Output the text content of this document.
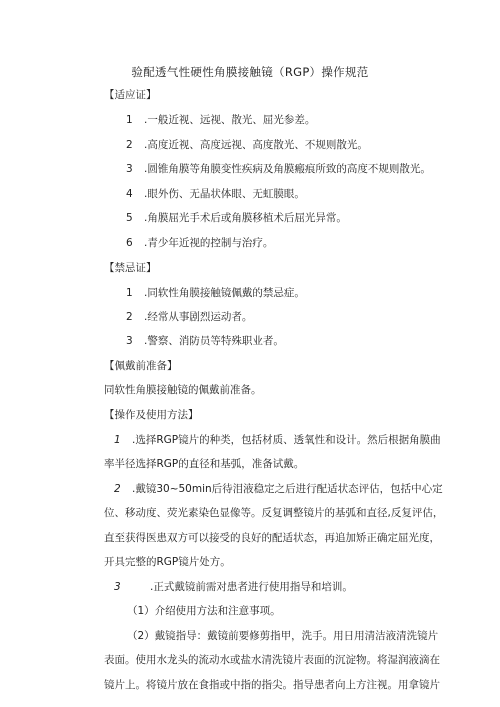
验配透气性硬性角膜接触镜（RGP）操作规范
【适应证】
1 .一般近视、远视、散光、屈光参差。
2 .高度近视、高度远视、高度散光、不规则散光。
3 .圆锥角膜等角膜变性疾病及角膜瘢痕所致的高度不规则散光。
4 .眼外伤、无晶状体眼、无虹膜眼。
5 .角膜屈光手术后或角膜移植术后屈光异常。
6 .青少年近视的控制与治疗。
【禁忌证】
1 .同软性角膜接触镜佩戴的禁忌症。
2 .经常从事剧烈运动者。
3 .警察、消防员等特殊职业者。
【佩戴前准备】
同软性角膜接触镜的佩戴前准备。
【操作及使用方法】
1 .选择RGP镜片的种类，包括材质、透氧性和设计。然后根据角膜曲
率半径选择RGP的直径和基弧，准备试戴。
2 .戴镜30~50min后待泪液稳定之后进行配适状态评估，包括中心定
位、移动度、荧光素染色显像等。反复调整镜片的基弧和直径,反复评估，
直至获得医患双方可以接受的良好的配适状态，再追加矫正确定屈光度，
开具完整的RGP镜片处方。
3	.正式戴镜前需对患者进行使用指导和培训。
（1）介绍使用方法和注意事项。
（2）戴镜指导：戴镜前要修剪指甲，洗手。用日用清洁液清洗镜片
表面。使用水龙头的流动水或盐水清洗镜片表面的沉淀物。将湿润液滴在
镜片上。将镜片放在食指或中指的指尖。指导患者向上方注视。用拿镜片
